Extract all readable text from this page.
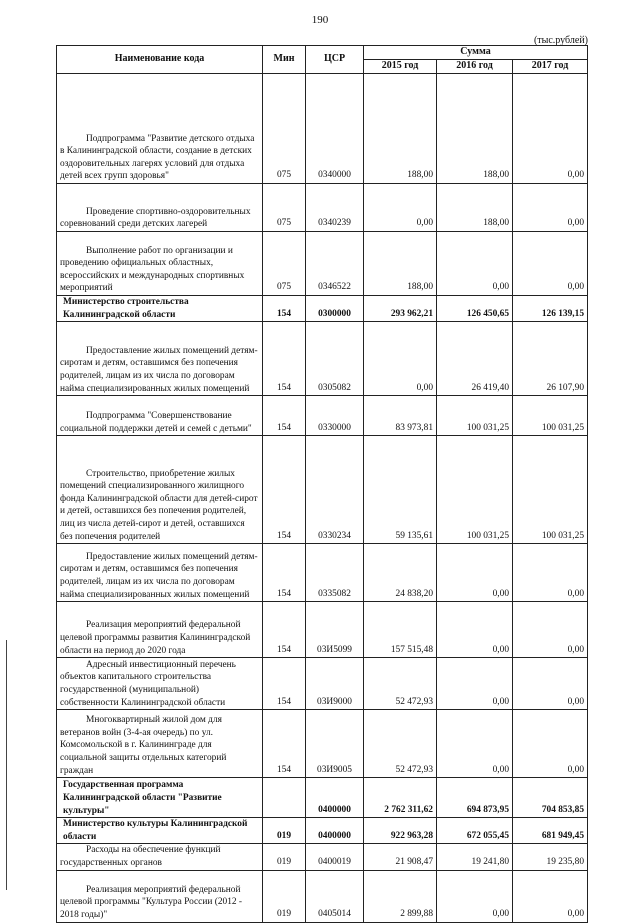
190
(тыс.рублей)
Наименование кода	Мин	ЦСР	Сумма		
			2015 год	2016 год	2017 год
Подпрограмма "Развитие детского отдыха в Калининградской области, создание в детских оздоровительных лагерях условий для отдыха детей всех групп здоровья"	075	0340000	188,00	188,00	0,00
Проведение спортивно-оздоровительных соревнований среди детских лагерей	075	0340239	0,00	188,00	0,00
Выполнение работ по организации и проведению официальных областных, всероссийских и международных спортивных мероприятий	075	0346522	188,00	0,00	0,00
Министерство строительства Калининградской области	154	0300000	293 962,21	126 450,65	126 139,15
Предоставление жилых помещений детям-сиротам и детям, оставшимся без попечения родителей, лицам из их числа по договорам найма специализированных жилых помещений	154	0305082	0,00	26 419,40	26 107,90
Подпрограмма "Совершенствование социальной поддержки детей и семей с детьми"	154	0330000	83 973,81	100 031,25	100 031,25
Строительство, приобретение жилых помещений специализированного жилищного фонда Калининградской области для детей-сирот и детей, оставшихся без попечения родителей, лиц из числа детей-сирот и детей, оставшихся без попечения родителей	154	0330234	59 135,61	100 031,25	100 031,25
Предоставление жилых помещений детям-сиротам и детям, оставшимся без попечения родителей, лицам из их числа по договорам найма специализированных жилых помещений	154	0335082	24 838,20	0,00	0,00
Реализация мероприятий федеральной целевой программы развития Калининградской области на период до 2020 года	154	03И5099	157 515,48	0,00	0,00
Адресный инвестиционный перечень объектов капитального строительства государственной (муниципальной) собственности Калининградской области	154	03И9000	52 472,93	0,00	0,00
Многоквартирный жилой дом для ветеранов войн (3-4-ая очередь) по ул. Комсомольской в г. Калининграде для социальной защиты отдельных категорий граждан	154	03И9005	52 472,93	0,00	0,00
Государственная программа Калининградской области "Развитие культуры"		0400000	2 762 311,62	694 873,95	704 853,85
Министерство культуры Калининградской области	019	0400000	922 963,28	672 055,45	681 949,45
Расходы на обеспечение функций государственных органов	019	0400019	21 908,47	19 241,80	19 235,80
Реализация мероприятий федеральной целевой программы "Культура России (2012 - 2018 годы)"	019	0405014	2 899,88	0,00	0,00
